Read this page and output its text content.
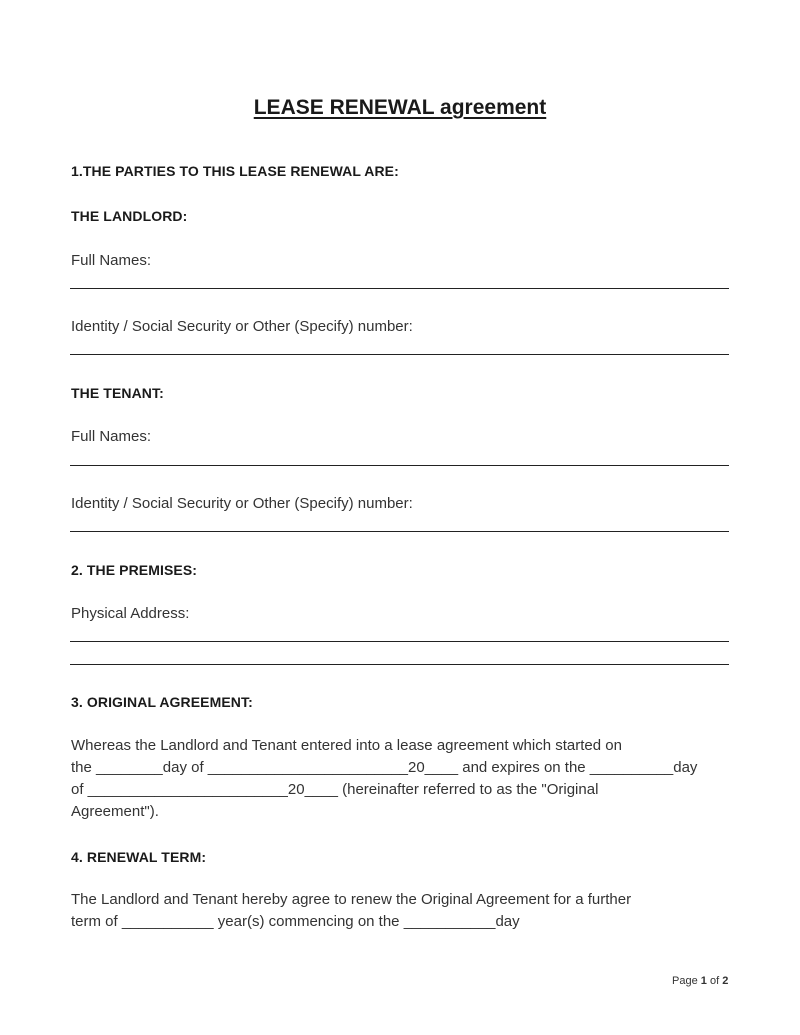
LEASE RENEWAL agreement
1.THE PARTIES TO THIS LEASE RENEWAL ARE:
THE LANDLORD:
Full Names:
Identity / Social Security or Other (Specify) number:
THE TENANT:
Full Names:
Identity / Social Security or Other (Specify) number:
2. THE PREMISES:
Physical Address:
3. ORIGINAL AGREEMENT:
Whereas the Landlord and Tenant entered into a lease agreement which started on
the ________day of ________________________20____ and expires on the __________day
of ________________________20____ (hereinafter referred to as the "Original
Agreement").
4. RENEWAL TERM:
The Landlord and Tenant hereby agree to renew the Original Agreement for a further
term of ___________ year(s) commencing on the ___________day
Page 1 of 2
